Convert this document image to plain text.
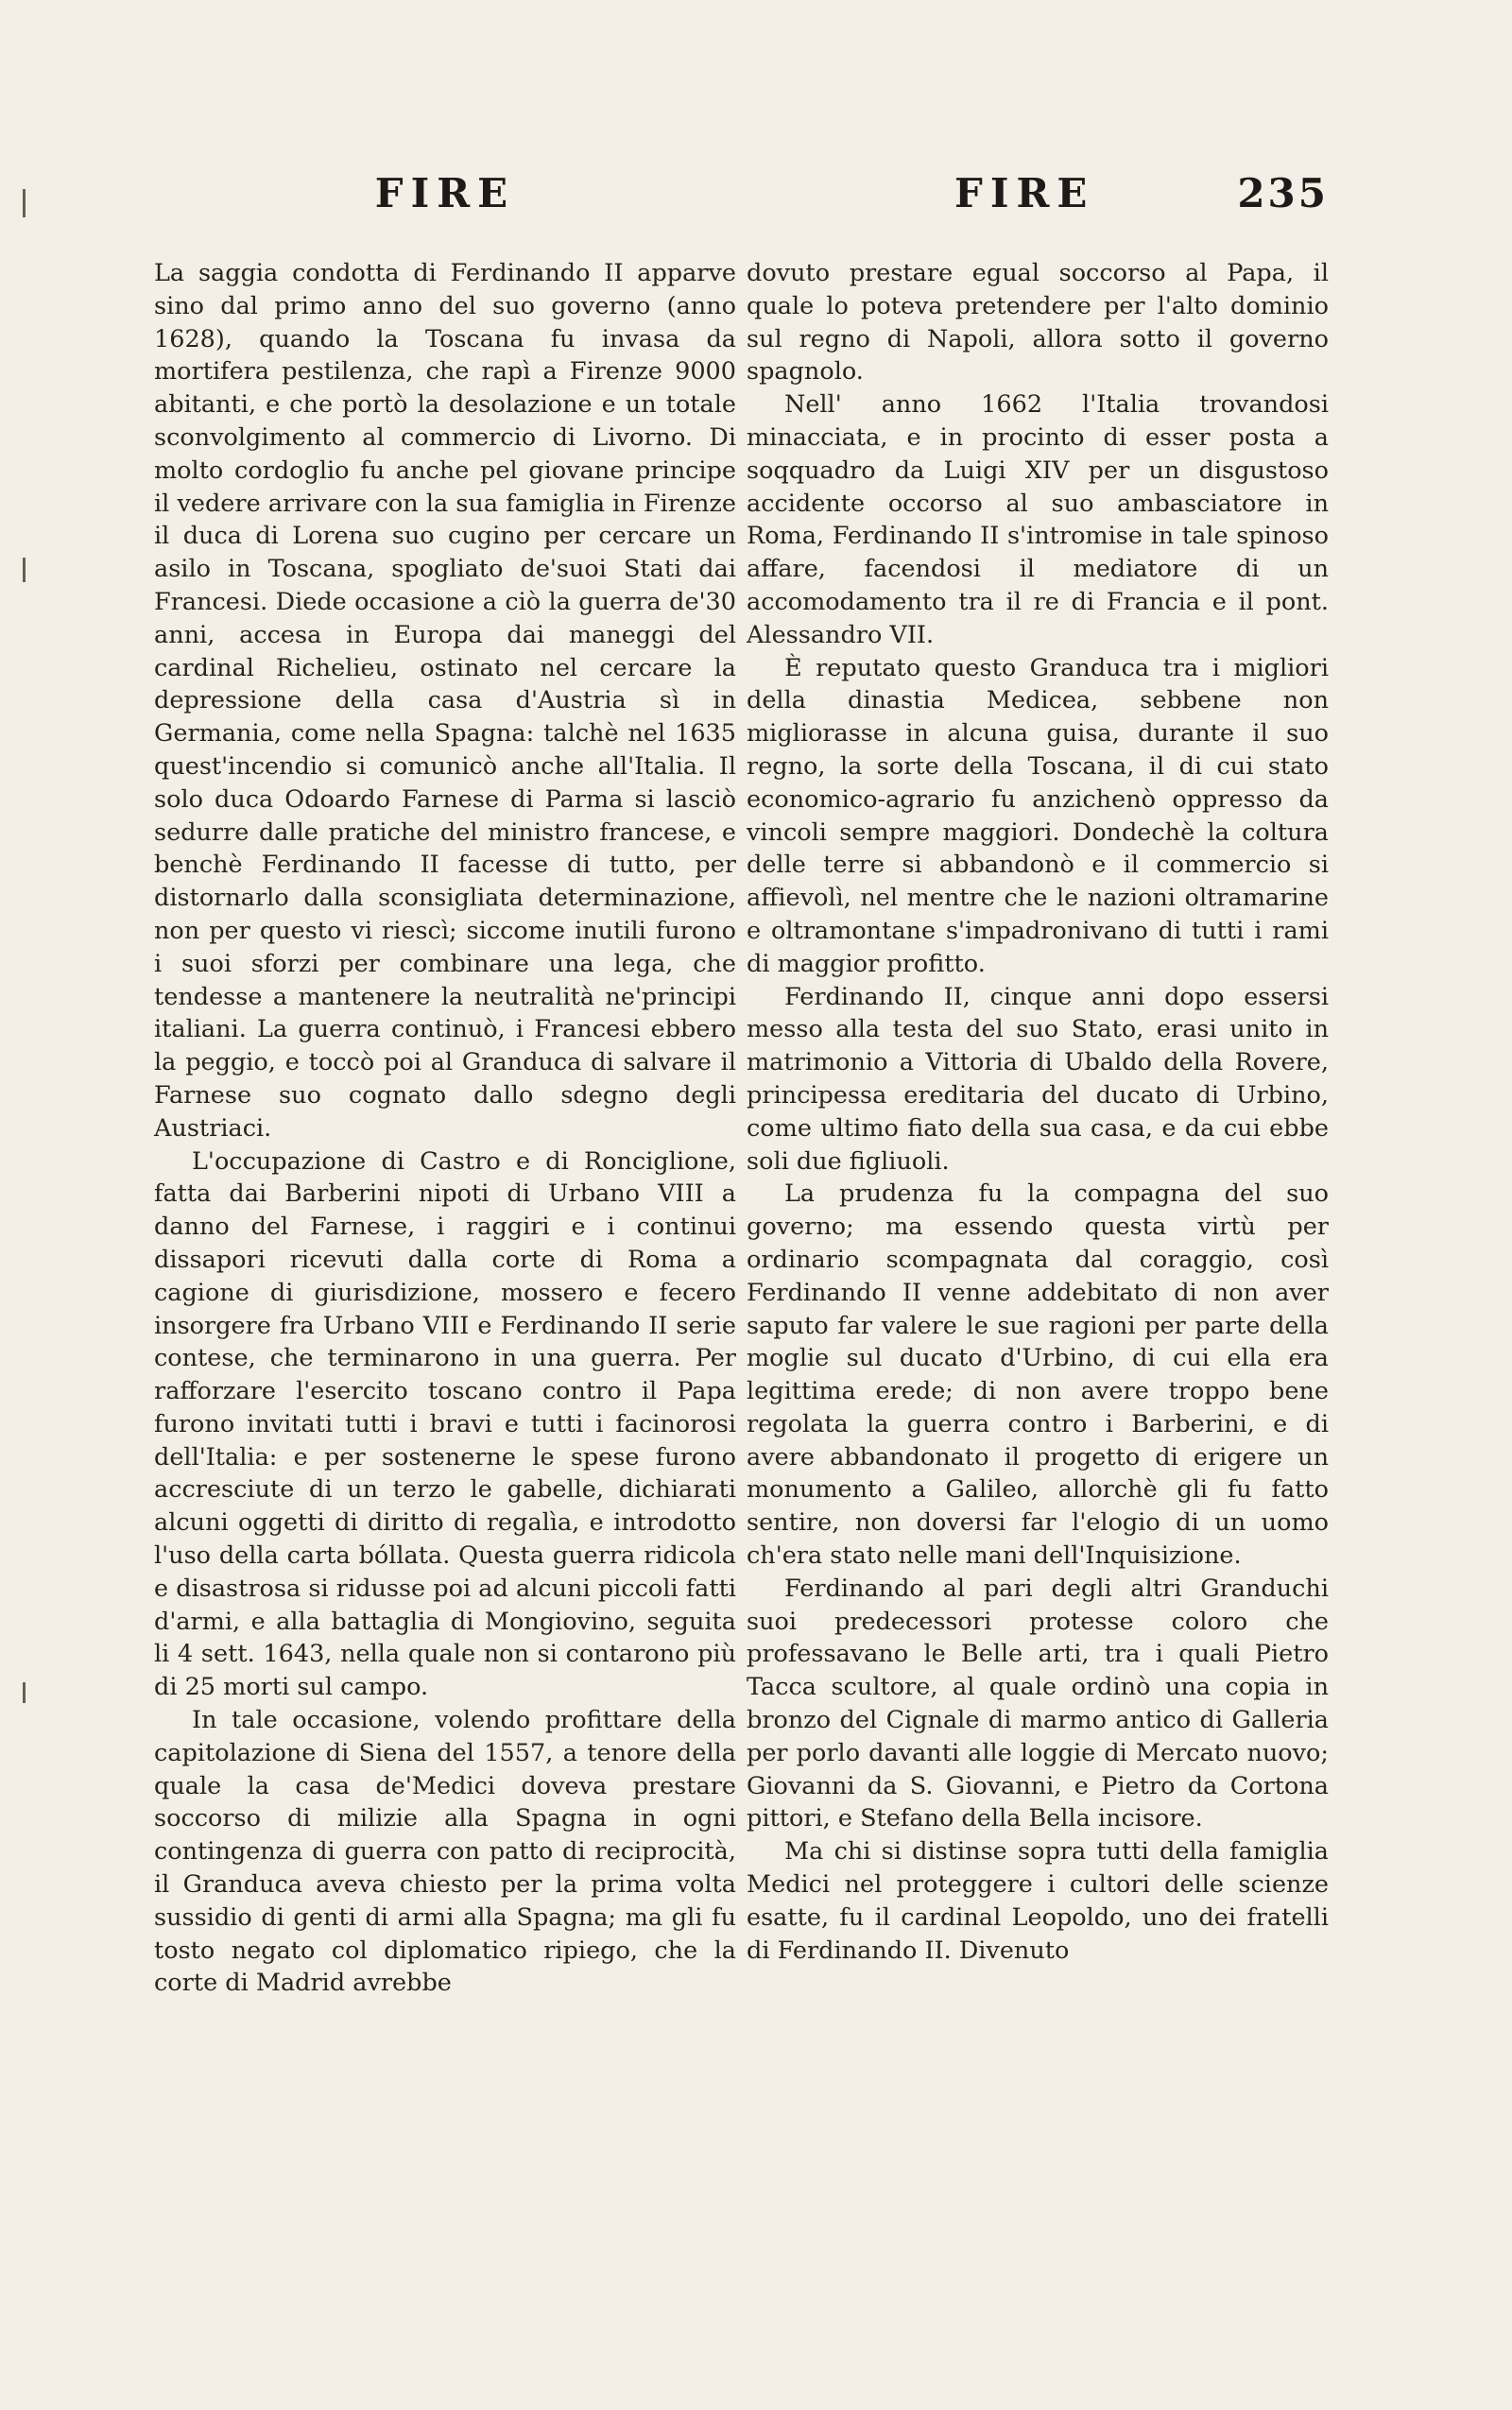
FIRE

La saggia condotta di Ferdinando II apparve sino dal primo anno del suo governo (anno 1628), quando la Toscana fu invasa da mortifera pestilenza, che rapì a Firenze 9000 abitanti, e che portò la desolazione e un totale sconvolgimento al commercio di Livorno. Di molto cordoglio fu anche pel giovane principe il vedere arrivare con la sua famiglia in Firenze il duca di Lorena suo cugino per cercare un asilo in Toscana, spogliato de'suoi Stati dai Francesi. Diede occasione a ciò la guerra de'30 anni, accesa in Europa dai maneggi del cardinal Richelieu, ostinato nel cercare la depressione della casa d'Austria sì in Germania, come nella Spagna: talchè nel 1635 quest'incendio si comunicò anche all'Italia. Il solo duca Odoardo Farnese di Parma si lasciò sedurre dalle pratiche del ministro francese, e benchè Ferdinando II facesse di tutto, per distornarlo dalla sconsigliata determinazione, non per questo vi riescì; siccome inutili furono i suoi sforzi per combinare una lega, che tendesse a mantenere la neutralità ne'principi italiani. La guerra continuò, i Francesi ebbero la peggio, e toccò poi al Granduca di salvare il Farnese suo cognato dallo sdegno degli Austriaci.

L'occupazione di Castro e di Ronciglione, fatta dai Barberini nipoti di Urbano VIII a danno del Farnese, i raggiri e i continui dissapori ricevuti dalla corte di Roma a cagione di giurisdizione, mossero e fecero insorgere fra Urbano VIII e Ferdinando II serie contese, che terminarono in una guerra. Per rafforzare l'esercito toscano contro il Papa furono invitati tutti i bravi e tutti i facinorosi dell'Italia: e per sostenerne le spese furono accresciute di un terzo le gabelle, dichiarati alcuni oggetti di diritto di regalìa, e introdotto l'uso della carta bóllata. Questa guerra ridicola e disastrosa si ridusse poi ad alcuni piccoli fatti d'armi, e alla battaglia di Mongiovino, seguita li 4 sett. 1643, nella quale non si contarono più di 25 morti sul campo.

In tale occasione, volendo profittare della capitolazione di Siena del 1557, a tenore della quale la casa de'Medici doveva prestare soccorso di milizie alla Spagna in ogni contingenza di guerra con patto di reciprocità, il Granduca aveva chiesto per la prima volta sussidio di genti di armi alla Spagna; ma gli fu tosto negato col diplomatico ripiego, che la corte di Madrid avrebbe

FIRE	235

dovuto prestare egual soccorso al Papa, il quale lo poteva pretendere per l'alto dominio sul regno di Napoli, allora sotto il governo spagnolo.

Nell' anno 1662 l'Italia trovandosi minacciata, e in procinto di esser posta a soqquadro da Luigi XIV per un disgustoso accidente occorso al suo ambasciatore in Roma, Ferdinando II s'intromise in tale spinoso affare, facendosi il mediatore di un accomodamento tra il re di Francia e il pont. Alessandro VII.

È reputato questo Granduca tra i migliori della dinastia Medicea, sebbene non migliorasse in alcuna guisa, durante il suo regno, la sorte della Toscana, il di cui stato economico-agrario fu anzichenò oppresso da vincoli sempre maggiori. Dondechè la coltura delle terre si abbandonò e il commercio si affievolì, nel mentre che le nazioni oltramarine e oltramontane s'impadronivano di tutti i rami di maggior profitto.

Ferdinando II, cinque anni dopo essersi messo alla testa del suo Stato, erasi unito in matrimonio a Vittoria di Ubaldo della Rovere, principessa ereditaria del ducato di Urbino, come ultimo fiato della sua casa, e da cui ebbe soli due figliuoli.

La prudenza fu la compagna del suo governo; ma essendo questa virtù per ordinario scompagnata dal coraggio, così Ferdinando II venne addebitato di non aver saputo far valere le sue ragioni per parte della moglie sul ducato d'Urbino, di cui ella era legittima erede; di non avere troppo bene regolata la guerra contro i Barberini, e di avere abbandonato il progetto di erigere un monumento a Galileo, allorchè gli fu fatto sentire, non doversi far l'elogio di un uomo ch'era stato nelle mani dell'Inquisizione.

Ferdinando al pari degli altri Granduchi suoi predecessori protesse coloro che professavano le Belle arti, tra i quali Pietro Tacca scultore, al quale ordinò una copia in bronzo del Cignale di marmo antico di Galleria per porlo davanti alle loggie di Mercato nuovo; Giovanni da S. Giovanni, e Pietro da Cortona pittori, e Stefano della Bella incisore.

Ma chi si distinse sopra tutti della famiglia Medici nel proteggere i cultori delle scienze esatte, fu il cardinal Leopoldo, uno dei fratelli di Ferdinando II. Divenuto
